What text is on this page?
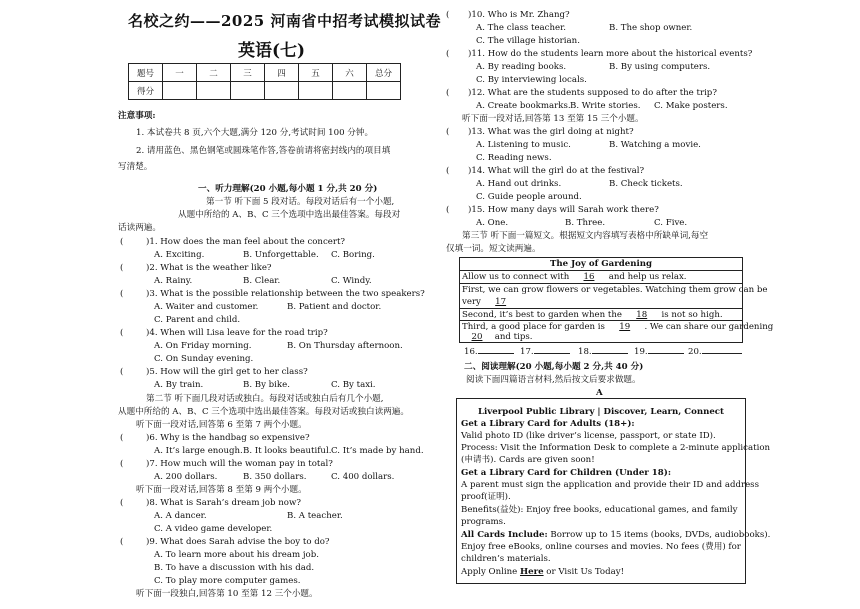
名校之约——2025 河南省中招考试模拟试卷
英语(七)
题号	一	二	三	四	五	六	总分
得分							
注意事项:
1. 本试卷共 8 页,六个大题,满分 120 分,考试时间 100 分钟。
2. 请用蓝色、黑色钢笔或圆珠笔作答,答卷前请将密封线内的项目填
写清楚。
一、听力理解(20 小题,每小题 1 分,共 20 分)
第一节 听下面 5 段对话。每段对话后有一个小题,
从题中所给的 A、B、C 三个选项中选出最佳答案。每段对
话读两遍。
(	)1. How does the man feel about the concert?
A. Exciting.	B. Unforgettable. C. Boring.
(	)2. What is the weather like?
A. Rainy.	B. Clear.	C. Windy.
(	)3. What is the possible relationship between the two speakers?
A. Waiter and customer.	B. Patient and doctor.
C. Parent and child.
(	)4. When will Lisa leave for the road trip?
A. On Friday morning.	B. On Thursday afternoon.
C. On Sunday evening.
(	)5. How will the girl get to her class?
A. By train.	B. By bike.	C. By taxi.
第二节 听下面几段对话或独白。每段对话或独白后有几个小题,
从题中所给的 A、B、C 三个选项中选出最佳答案。每段对话或独白读两遍。
听下面一段对话,回答第 6 至第 7 两个小题。
(	)6. Why is the handbag so expensive?
A. It’s large enough. B. It looks beautiful. C. It’s made by hand.
(	)7. How much will the woman pay in total?
A. 200 dollars.	B. 350 dollars.	C. 400 dollars.
听下面一段对话,回答第 8 至第 9 两个小题。
(	)8. What is Sarah’s dream job now?
A. A dancer.	B. A teacher.
C. A video game developer.
(	)9. What does Sarah advise the boy to do?
A. To learn more about his dream job.
B. To have a discussion with his dad.
C. To play more computer games.
听下面一段独白,回答第 10 至第 12 三个小题。
( )10. Who is Mr. Zhang?
A. The class teacher.	B. The shop owner.
C. The village historian.
( )11. How do the students learn more about the historical events?
A. By reading books.	B. By using computers.
C. By interviewing locals.
( )12. What are the students supposed to do after the trip?
A. Create bookmarks. B. Write stories. C. Make posters.
听下面一段对话,回答第 13 至第 15 三个小题。
( )13. What was the girl doing at night?
A. Listening to music.	B. Watching a movie.
C. Reading news.
( )14. What will the girl do at the festival?
A. Hand out drinks.	B. Check tickets.
C. Guide people around.
( )15. How many days will Sarah work there?
A. One.	B. Three.	C. Five.
第三节 听下面一篇短文。根据短文内容填写表格中所缺单词,每空
仅填一词。短文读两遍。
The Joy of Gardening
Allow us to connect with 16 and help us relax.
First, we can grow flowers or vegetables. Watching them grow can be
very 17
Second, it’s best to garden when the 18 is not so high.
Third, a good place for garden is 19 . We can share our gardening
20 and tips.
16.	17.	18.	19.	20.
二、阅读理解(20 小题,每小题 2 分,共 40 分)
阅读下面四篇语言材料,然后按文后要求做题。
A
Liverpool Public Library | Discover, Learn, Connect
Get a Library Card for Adults (18+):
Valid photo ID (like driver’s license, passport, or state ID).
Process: Visit the Information Desk to complete a 2-minute application
(申请书). Cards are given soon!
Get a Library Card for Children (Under 18):
A parent must sign the application and provide their ID and address
proof(证明).
Benefits(益处): Enjoy free books, educational games, and family
programs.
All Cards Include: Borrow up to 15 items (books, DVDs, audiobooks).
Enjoy free eBooks, online courses and movies. No fees (费用) for
children’s materials.
Apply Online Here or Visit Us Today!
